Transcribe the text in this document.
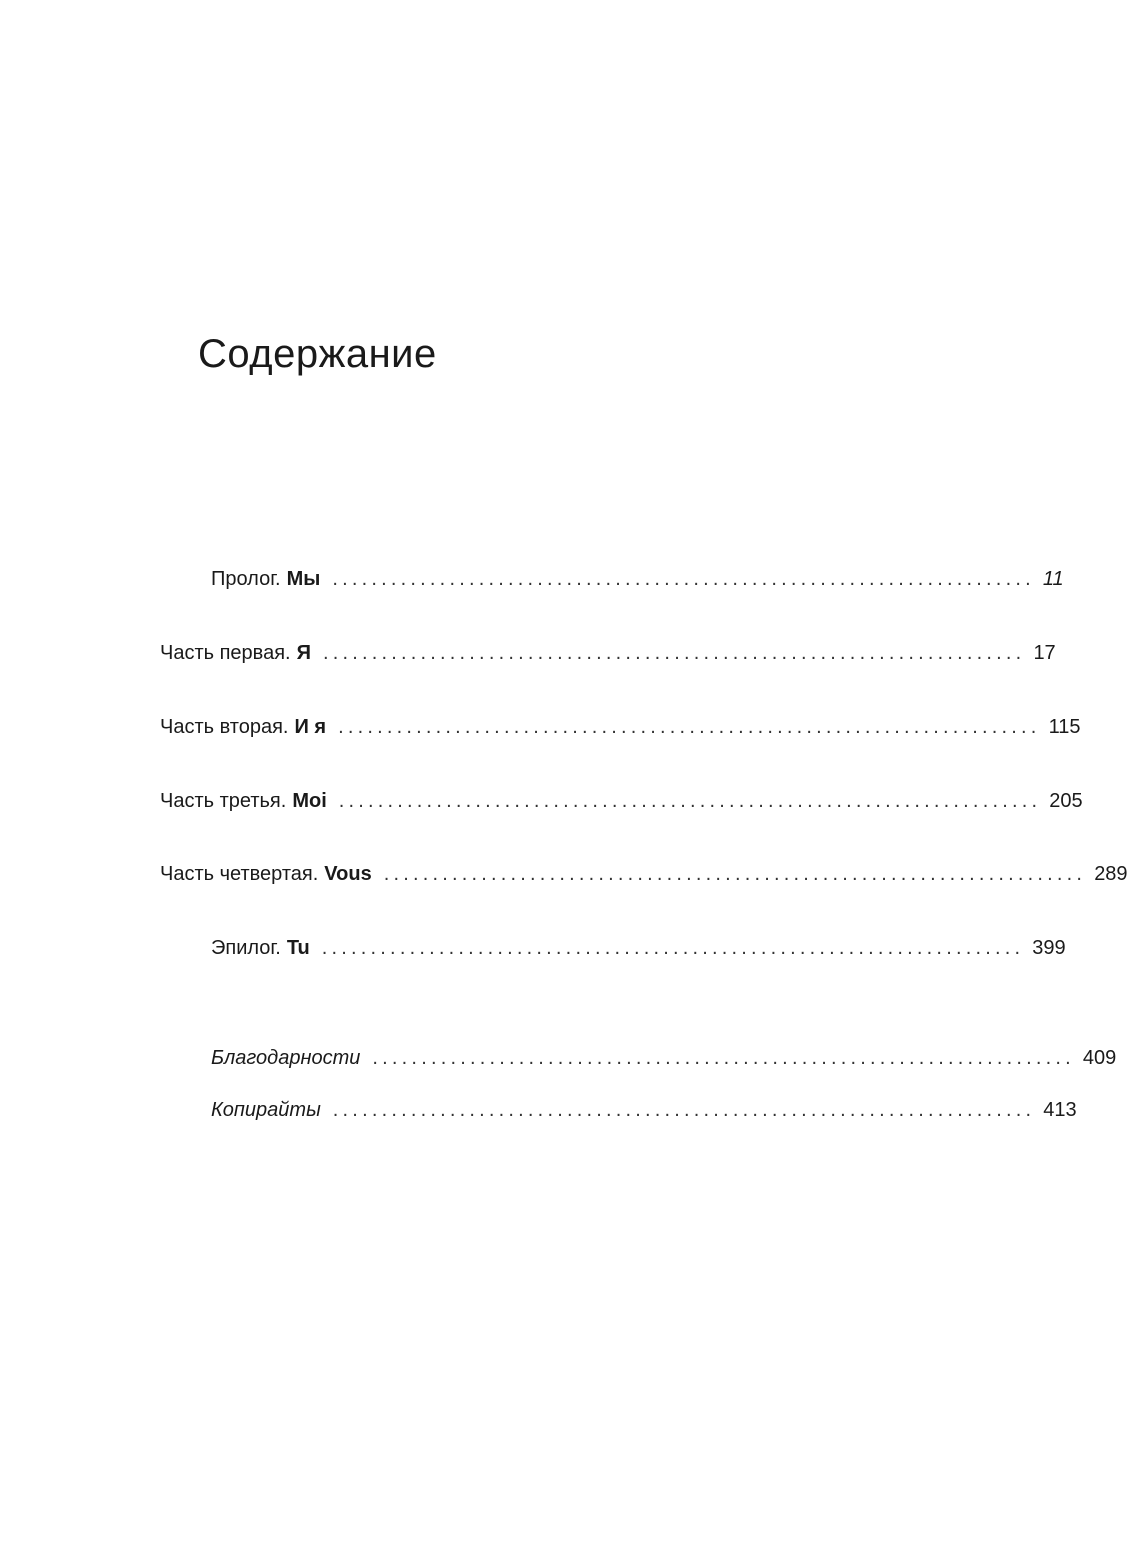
Содержание
Пролог. Мы ........................................................................ 11
Часть первая. Я ........................................................................ 17
Часть вторая. И я ........................................................................ 115
Часть третья. Moi ........................................................................ 205
Часть четвертая. Vous ........................................................................ 289
Эпилог. Tu ........................................................................ 399
Благодарности ........................................................................ 409
Копирайты ........................................................................ 413
